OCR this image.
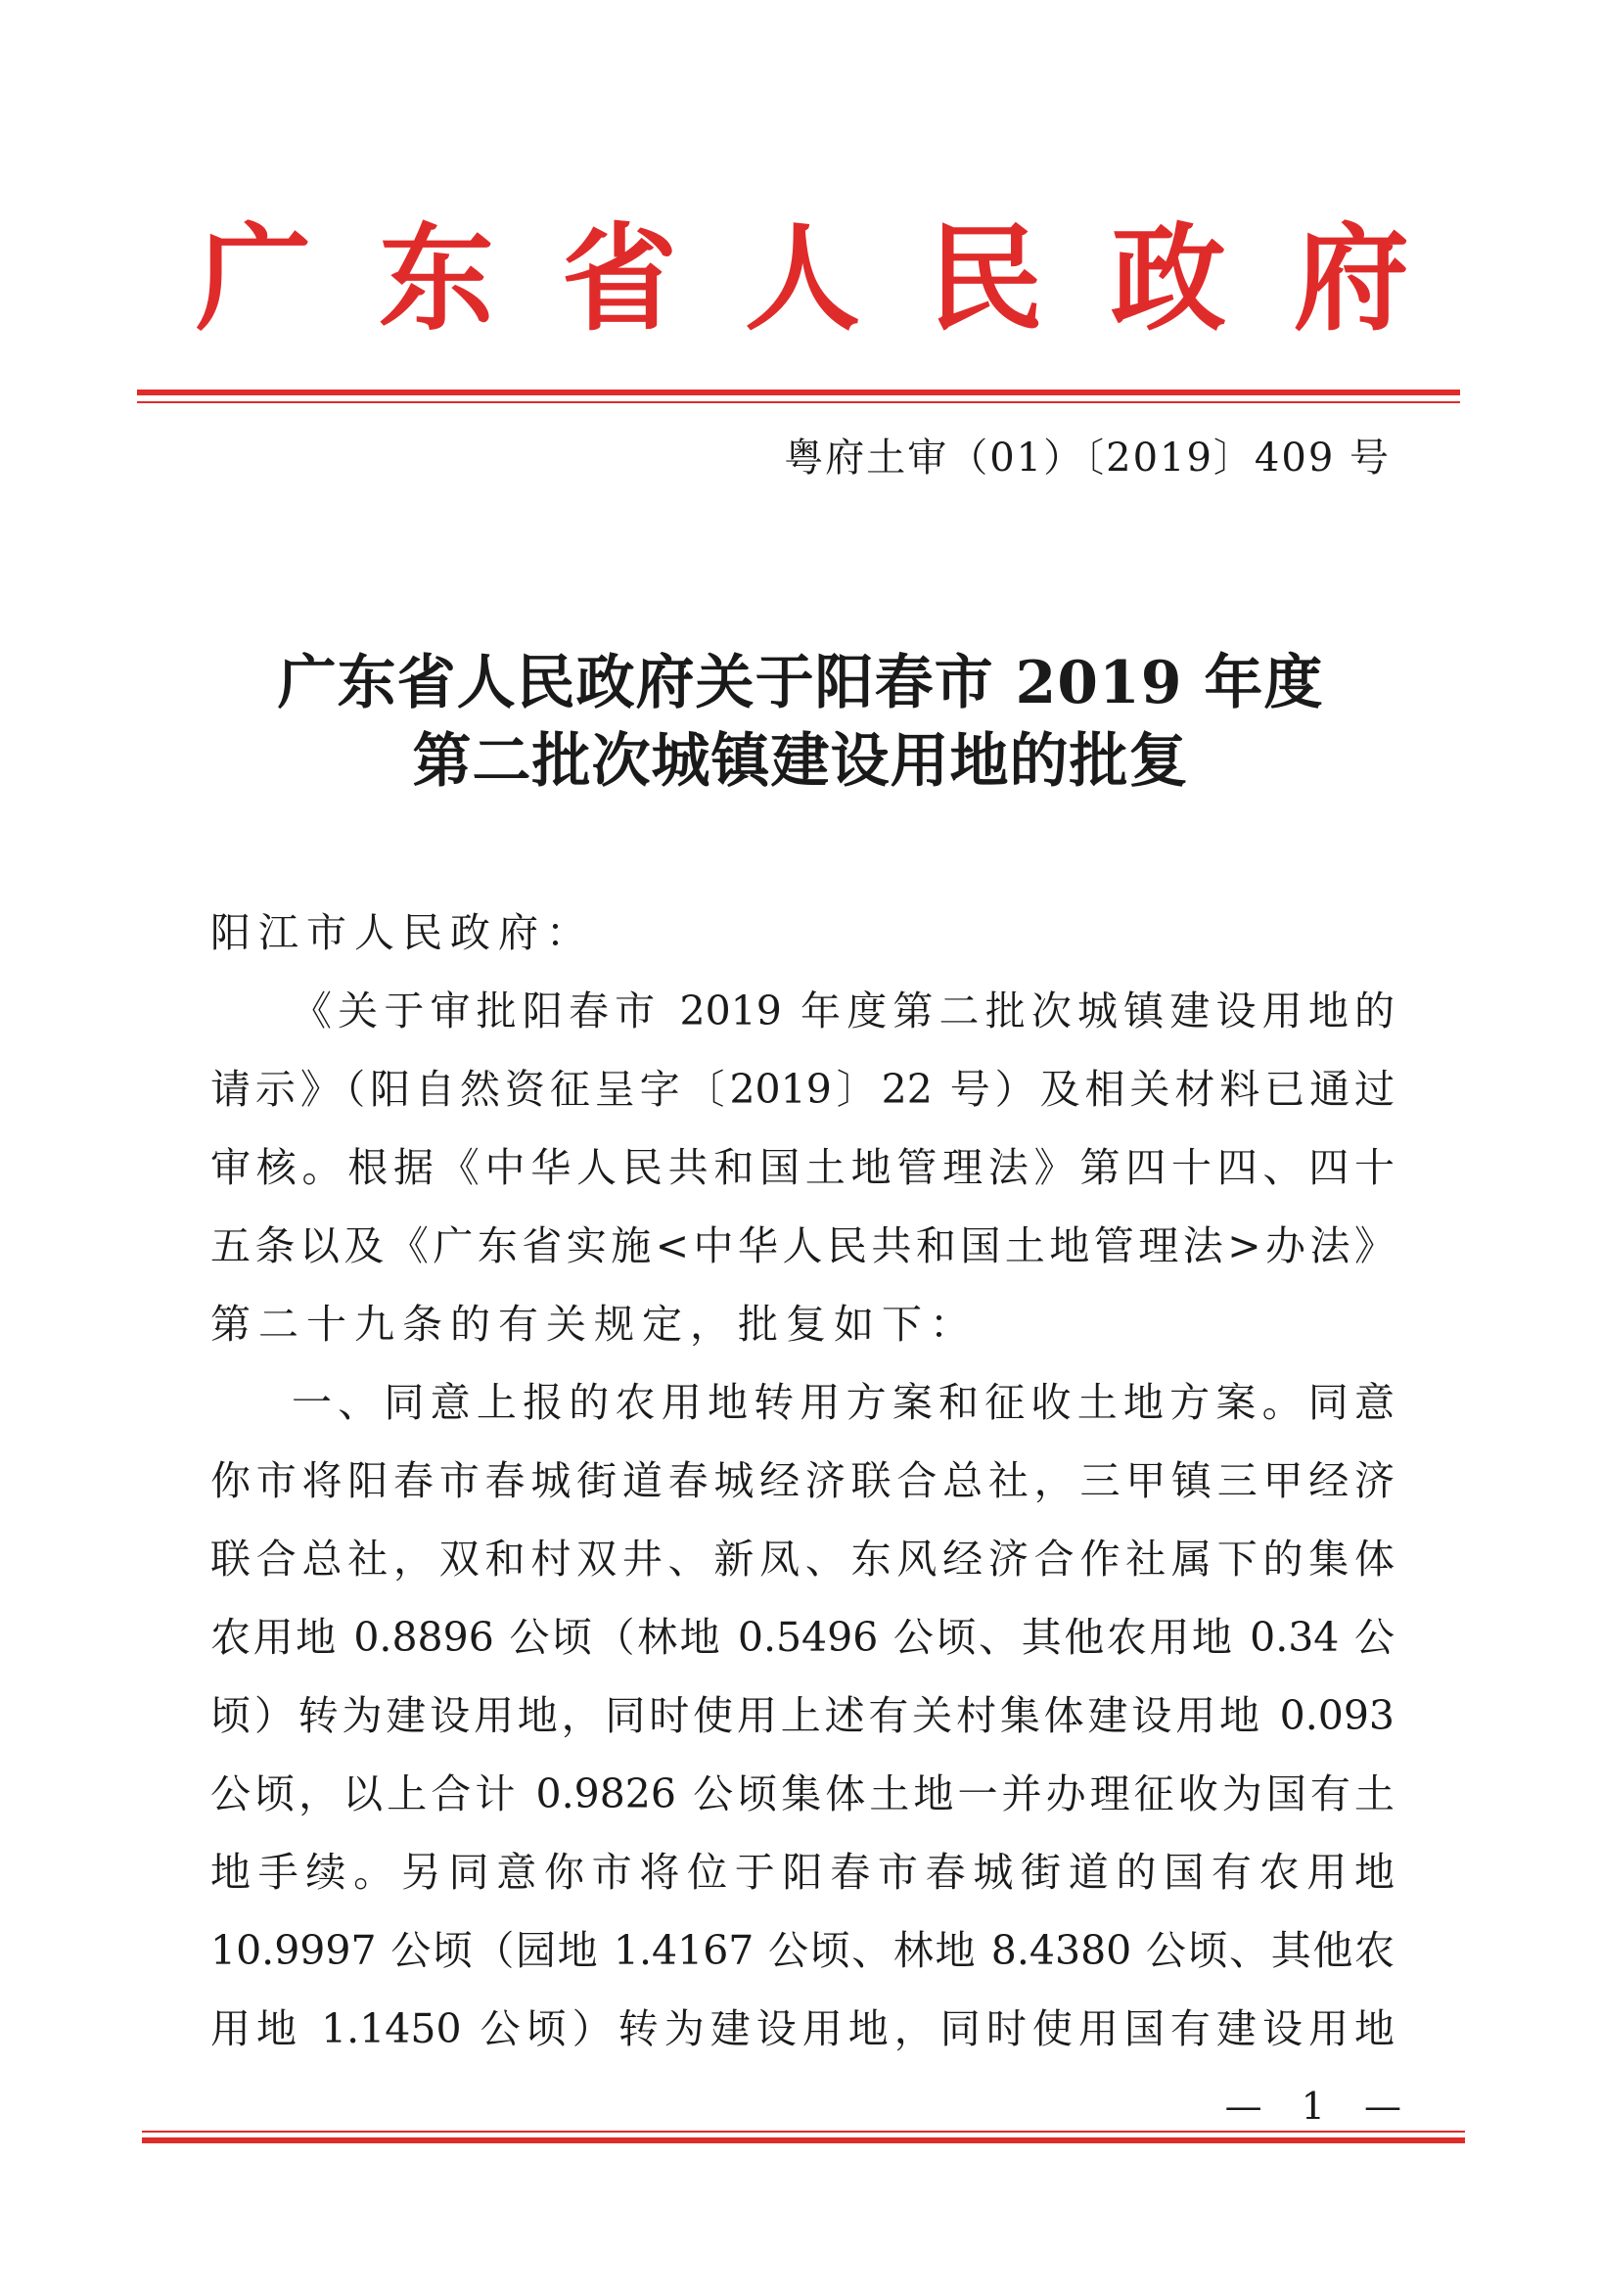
广 东 省 人 民 政 府
粤府土审（01）〔2019〕409 号
广东省人民政府关于阳春市 2019 年度
第二批次城镇建设用地的批复
阳江市人民政府：
《关于审批阳春市 2019 年度第二批次城镇建设用地的
请示》（阳自然资征呈字〔2019〕22 号）及相关材料已通过
审核。根据《中华人民共和国土地管理法》第四十四、四十
五条以及《广东省实施<中华人民共和国土地管理法>办法》
第二十九条的有关规定，批复如下：
一、同意上报的农用地转用方案和征收土地方案。同意
你市将阳春市春城街道春城经济联合总社，三甲镇三甲经济
联合总社，双和村双井、新凤、东风经济合作社属下的集体
农用地 0.8896 公顷（林地 0.5496 公顷、其他农用地 0.34 公
顷）转为建设用地，同时使用上述有关村集体建设用地 0.093
公顷，以上合计 0.9826 公顷集体土地一并办理征收为国有土
地手续。另同意你市将位于阳春市春城街道的国有农用地
10.9997 公顷（园地 1.4167 公顷、林地 8.4380 公顷、其他农
用地 1.1450 公顷）转为建设用地，同时使用国有建设用地
— 1 —
